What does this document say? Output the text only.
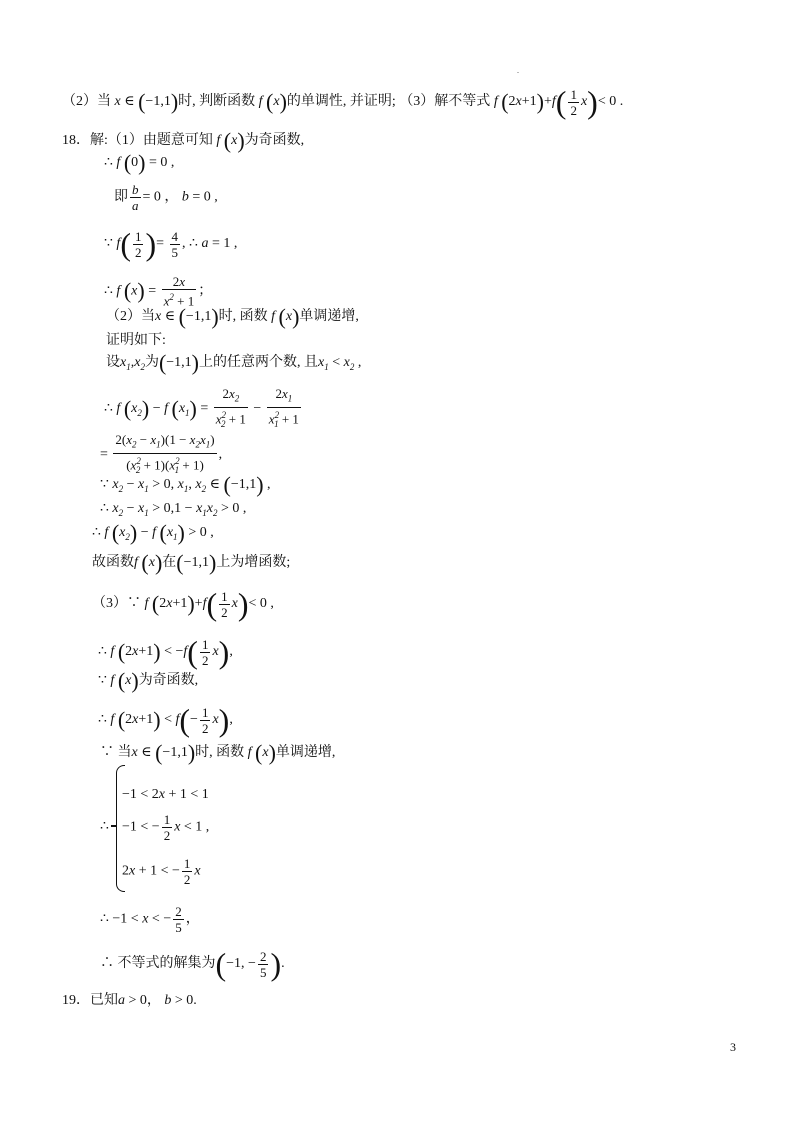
（2）当 x ∈ (−1,1)时, 判断函数 f (x)的单调性, 并证明; （3）解不等式 f $(2x+1)+f( \frac{1}{2} x)< 0$ .
18．解:（1）由题意可知 f (x)为奇函数,
∴ f (0) = 0 ,
即 $\frac{b}{a} = 0$ ， b = 0 ,
∵ $f( \frac{1}{2}$ )= $\frac{4}{5}$ , ∴ a = 1 ,
∴ f $(x) = \frac{2x}{x^2 + 1}$ ；
（2）当x ∈ (−1,1)时, 函数 f (x)单调递增,
证明如下:
设$x_1,x_2$为(−1,1)上的任意两个数, 且$x_1 < x_2$ ,
∴ f $(x_2) - f$ $(x_1) = \frac{2x_2}{x^2_2 + 1} - \frac{2x_1}{x^2_1 + 1}$
= $\frac{2(x_2 - x_1)(1 - x_2x_1)}{(x^2_2 + 1)(x^2_1 + 1)}$ ,
∵ $x_2 - x_1 > 0$, $x_1$, $x_2$ ∈ (−1,1) ,
∴ $x_2 - x_1 > 0,1 - x_1x_2 > 0$ ,
∴ f $(x_2) - f$ $(x_1) > 0$ ,
故函数f (x)在(−1,1)上为增函数;
（3）∵ f $(2x+1)+f( \frac{1}{2} x)< 0$ ,
∴ f $(2x+1) < -f( \frac{1}{2} x)$,
∵ f (x)为奇函数,
∴ f $(2x+1) < f(- \frac{1}{2} x)$,
∵ 当x ∈ (−1,1)时, 函数 f (x)单调递增,
∴
−1 < 2x + 1 < 1
−1 < − $\frac{1}{2}$ x < 1 ,
2x + 1 < − $\frac{1}{2}$ x
∴ −1 < x < − $\frac{2}{5}$ ，
∴ 不等式的解集为(−1, − $\frac{2}{5}$ ).
19．已知a > 0， b > 0.
3
